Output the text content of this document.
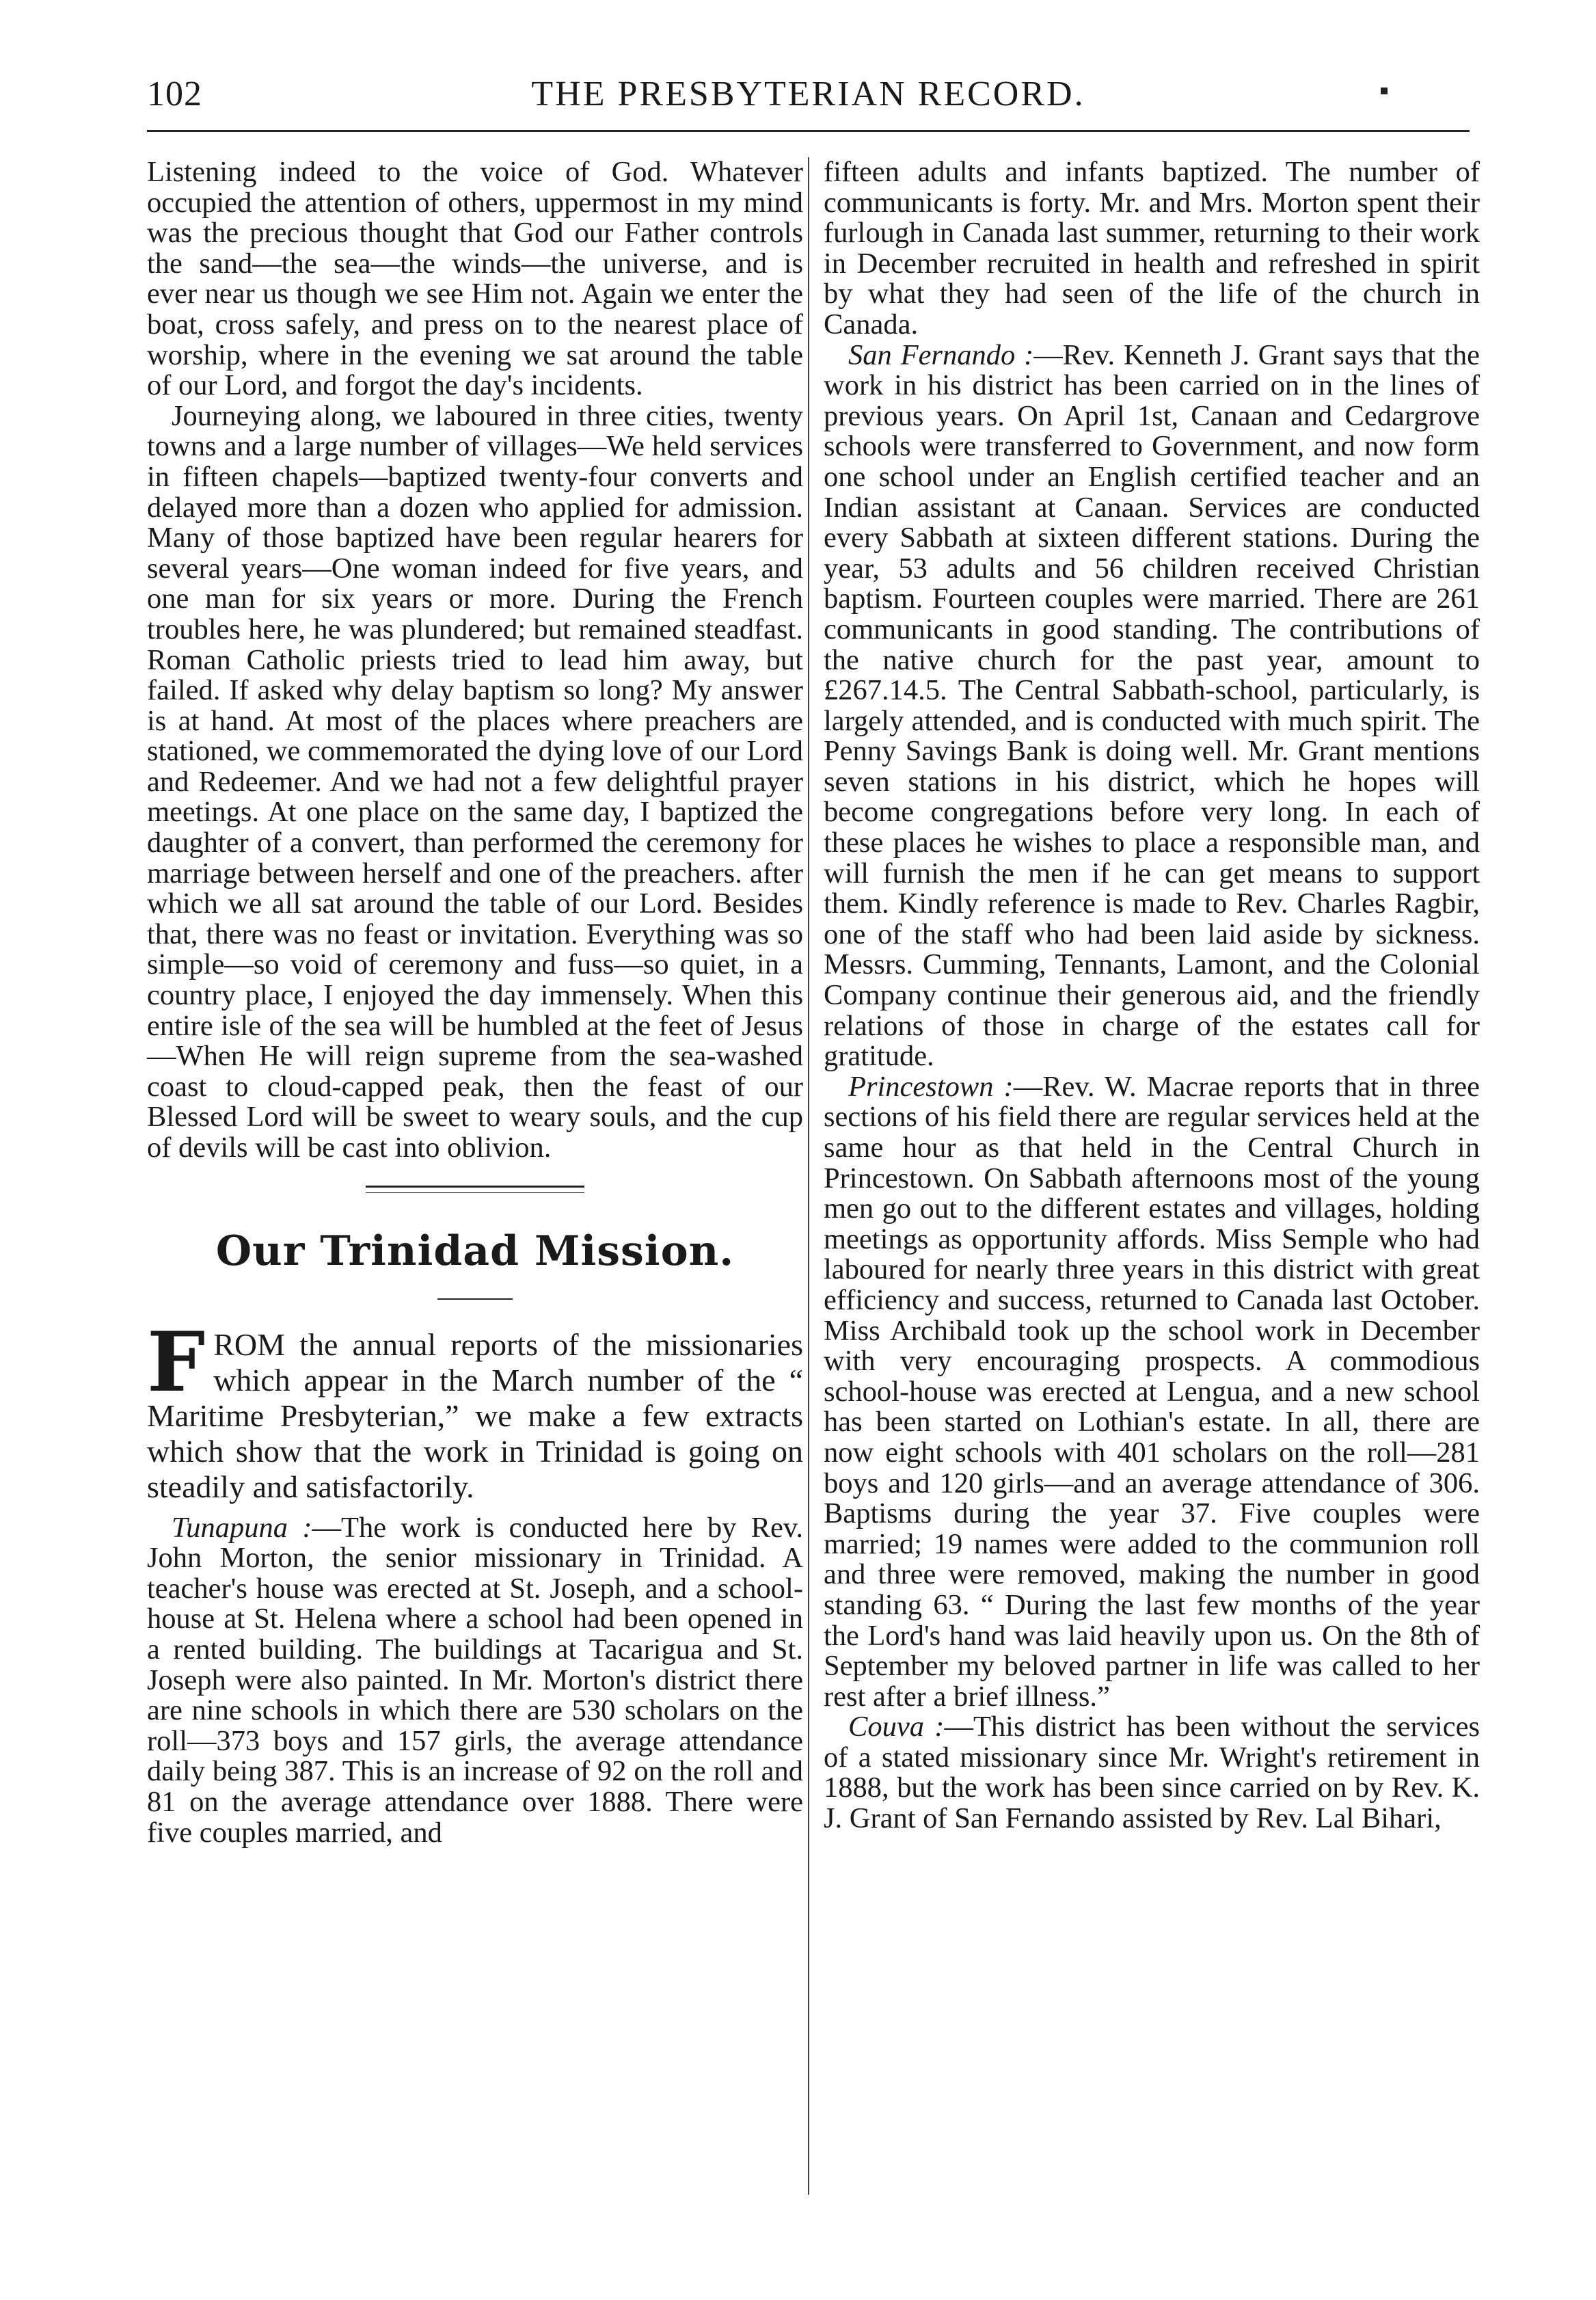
102	THE PRESBYTERIAN RECORD.

Listening indeed to the voice of God. Whatever occupied the attention of others, uppermost in my mind was the precious thought that God our Father controls the sand—the sea—the winds—the universe, and is ever near us though we see Him not. Again we enter the boat, cross safely, and press on to the nearest place of worship, where in the evening we sat around the table of our Lord, and forgot the day's incidents.

Journeying along, we laboured in three cities, twenty towns and a large number of villages—We held services in fifteen chapels—baptized twenty-four converts and delayed more than a dozen who applied for admission. Many of those baptized have been regular hearers for several years—One woman indeed for five years, and one man for six years or more. During the French troubles here, he was plundered; but remained steadfast. Roman Catholic priests tried to lead him away, but failed. If asked why delay baptism so long? My answer is at hand. At most of the places where preachers are stationed, we commemorated the dying love of our Lord and Redeemer. And we had not a few delightful prayer meetings. At one place on the same day, I baptized the daughter of a convert, than performed the ceremony for marriage between herself and one of the preachers. after which we all sat around the table of our Lord. Besides that, there was no feast or invitation. Everything was so simple—so void of ceremony and fuss—so quiet, in a country place, I enjoyed the day immensely. When this entire isle of the sea will be humbled at the feet of Jesus—When He will reign supreme from the sea-washed coast to cloud-capped peak, then the feast of our Blessed Lord will be sweet to weary souls, and the cup of devils will be cast into oblivion.

Our Trinidad Mission.

FROM the annual reports of the missionaries which appear in the March number of the “ Maritime Presbyterian,” we make a few extracts which show that the work in Trinidad is going on steadily and satisfactorily.

Tunapuna :—The work is conducted here by Rev. John Morton, the senior missionary in Trinidad. A teacher's house was erected at St. Joseph, and a school-house at St. Helena where a school had been opened in a rented building. The buildings at Tacarigua and St. Joseph were also painted. In Mr. Morton's district there are nine schools in which there are 530 scholars on the roll—373 boys and 157 girls, the average attendance daily being 387. This is an increase of 92 on the roll and 81 on the average attendance over 1888. There were five couples married, and

fifteen adults and infants baptized. The number of communicants is forty. Mr. and Mrs. Morton spent their furlough in Canada last summer, returning to their work in December recruited in health and refreshed in spirit by what they had seen of the life of the church in Canada.

San Fernando :—Rev. Kenneth J. Grant says that the work in his district has been carried on in the lines of previous years. On April 1st, Canaan and Cedargrove schools were transferred to Government, and now form one school under an English certified teacher and an Indian assistant at Canaan. Services are conducted every Sabbath at sixteen different stations. During the year, 53 adults and 56 children received Christian baptism. Fourteen couples were married. There are 261 communicants in good standing. The contributions of the native church for the past year, amount to £267.14.5. The Central Sabbath-school, particularly, is largely attended, and is conducted with much spirit. The Penny Savings Bank is doing well. Mr. Grant mentions seven stations in his district, which he hopes will become congregations before very long. In each of these places he wishes to place a responsible man, and will furnish the men if he can get means to support them. Kindly reference is made to Rev. Charles Ragbir, one of the staff who had been laid aside by sickness. Messrs. Cumming, Tennants, Lamont, and the Colonial Company continue their generous aid, and the friendly relations of those in charge of the estates call for gratitude.

Princestown :—Rev. W. Macrae reports that in three sections of his field there are regular services held at the same hour as that held in the Central Church in Princestown. On Sabbath afternoons most of the young men go out to the different estates and villages, holding meetings as opportunity affords. Miss Semple who had laboured for nearly three years in this district with great efficiency and success, returned to Canada last October. Miss Archibald took up the school work in December with very encouraging prospects. A commodious school-house was erected at Lengua, and a new school has been started on Lothian's estate. In all, there are now eight schools with 401 scholars on the roll—281 boys and 120 girls—and an average attendance of 306. Baptisms during the year 37. Five couples were married; 19 names were added to the communion roll and three were removed, making the number in good standing 63. “ During the last few months of the year the Lord's hand was laid heavily upon us. On the 8th of September my beloved partner in life was called to her rest after a brief illness.”

Couva :—This district has been without the services of a stated missionary since Mr. Wright's retirement in 1888, but the work has been since carried on by Rev. K. J. Grant of San Fernando assisted by Rev. Lal Bihari,
